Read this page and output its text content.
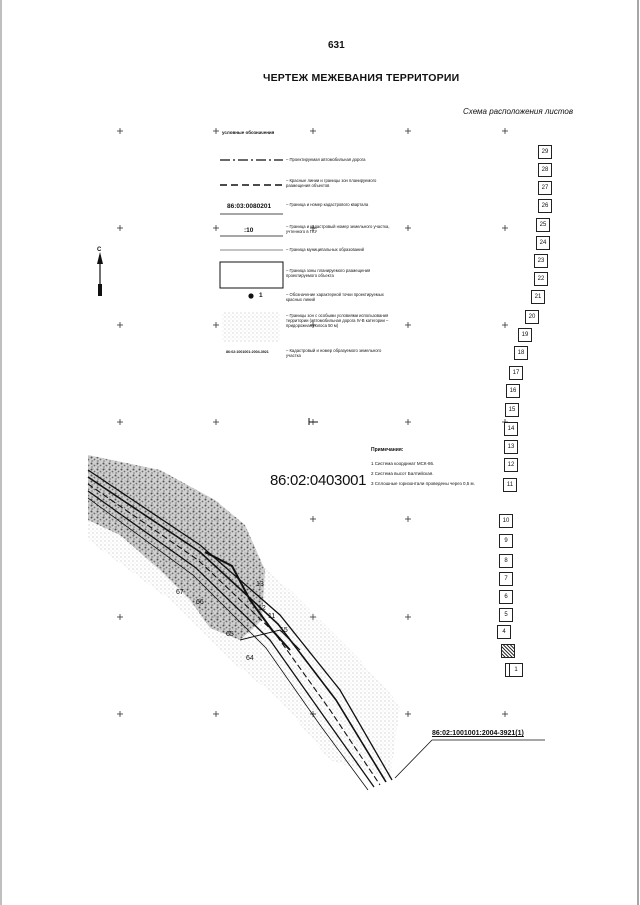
67
66
65
64
15
13
12
11
631
ЧЕРТЕЖ МЕЖЕВАНИЯ ТЕРРИТОРИИ
Схема расположения листов
условные обозначения
– Проектируемая автомобильная дорога
– Красные линии и границы зон планируемого размещения объектов
– Граница и номер кадастрового квартала
– Граница и кадастровый номер земельного участка, учтенного в ГКУ
– Граница муниципальных образований
– Граница зоны планируемого размещения проектируемого объекта
– Обозначение характерной точки проектируемых красных линий
– Границы зон с особыми условиями использования территории (автомобильная дорога IV-В категории – придорожная полоса 50 м)
– Кадастровый и номер образуемого земельного участка
86:03:0080201
:10
1
86:02:1001001:2004-3921
С
Примечания:
1 Система координат МСК-86.
2 Система высот Балтийская.
3 Сплошные горизонтали проведены через 0,5 м.
86:02:0403001
86:02:1001001:2004-3921(1)
29
28
27
26
25
24
23
22
21
20
19
18
17
16
15
14
13
12
11
10
9
8
7
6
5
4
1
